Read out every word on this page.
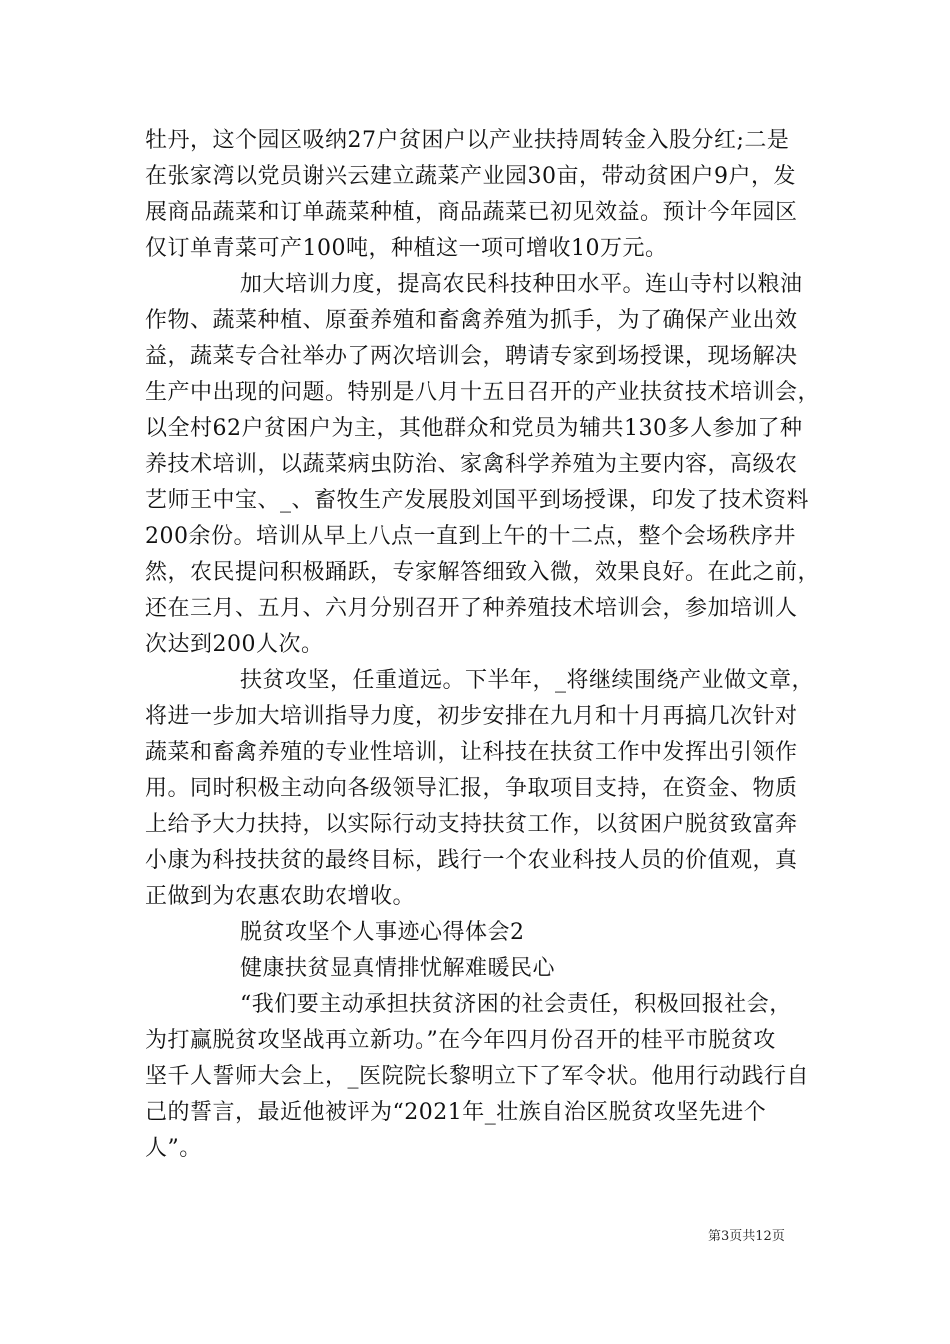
牡丹，这个园区吸纳27户贫困户以产业扶持周转金入股分红;二是
在张家湾以党员谢兴云建立蔬菜产业园30亩，带动贫困户9户，发
展商品蔬菜和订单蔬菜种植，商品蔬菜已初见效益。预计今年园区
仅订单青菜可产100吨，种植这一项可增收10万元。
加大培训力度，提高农民科技种田水平。连山寺村以粮油
作物、蔬菜种植、原蚕养殖和畜禽养殖为抓手，为了确保产业出效
益，蔬菜专合社举办了两次培训会，聘请专家到场授课，现场解决
生产中出现的问题。特别是八月十五日召开的产业扶贫技术培训会，
以全村62户贫困户为主，其他群众和党员为辅共130多人参加了种
养技术培训，以蔬菜病虫防治、家禽科学养殖为主要内容，高级农
艺师王中宝、_、畜牧生产发展股刘国平到场授课，印发了技术资料
200余份。培训从早上八点一直到上午的十二点，整个会场秩序井
然，农民提问积极踊跃，专家解答细致入微，效果良好。在此之前，
还在三月、五月、六月分别召开了种养殖技术培训会，参加培训人
次达到200人次。
扶贫攻坚，任重道远。下半年，_将继续围绕产业做文章，
将进一步加大培训指导力度，初步安排在九月和十月再搞几次针对
蔬菜和畜禽养殖的专业性培训，让科技在扶贫工作中发挥出引领作
用。同时积极主动向各级领导汇报，争取项目支持，在资金、物质
上给予大力扶持，以实际行动支持扶贫工作，以贫困户脱贫致富奔
小康为科技扶贫的最终目标，践行一个农业科技人员的价值观，真
正做到为农惠农助农增收。
脱贫攻坚个人事迹心得体会2
健康扶贫显真情排忧解难暖民心
“我们要主动承担扶贫济困的社会责任，积极回报社会，
为打赢脱贫攻坚战再立新功。”在今年四月份召开的桂平市脱贫攻
坚千人誓师大会上，_医院院长黎明立下了军令状。他用行动践行自
己的誓言，最近他被评为“2021年_壮族自治区脱贫攻坚先进个
人”。
第3页共12页
